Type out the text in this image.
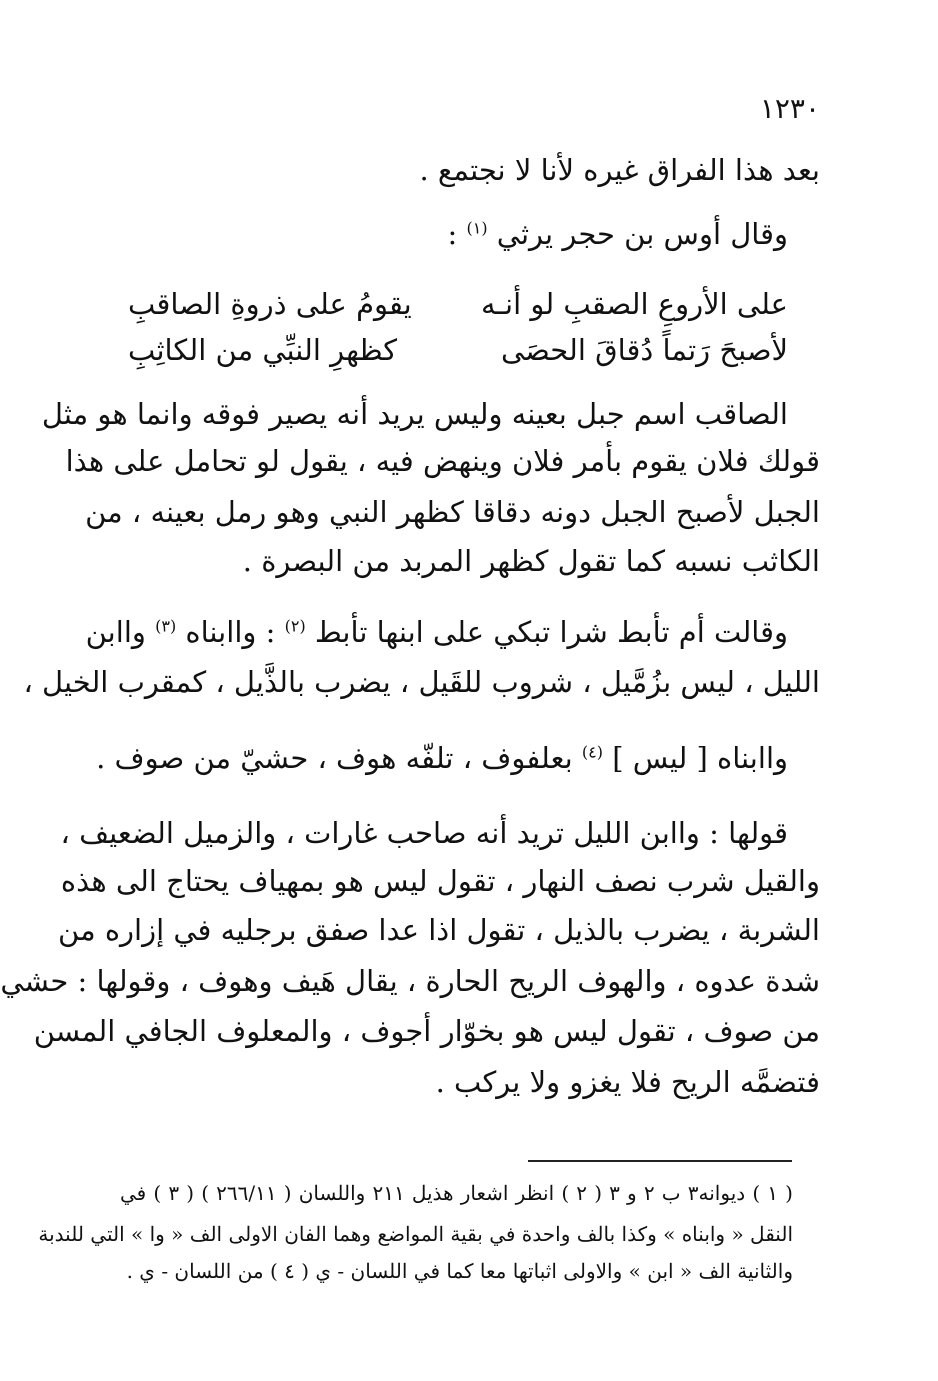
١٢٣٠
بعد هذا الفراق غيره لأنا لا نجتمع .
وقال أوس بن حجر يرثي $^{(١)}$ :
على الأروعِ الصقبِ لو أنـه
يقومُ على ذروةِ الصاقبِ
لأصبحَ رَتماً دُقاقَ الحصَى
كظهرِ النبِّي من الكاثِبِ
الصاقب اسم جبل بعينه وليس يريد أنه يصير فوقه وانما هو مثل
قولك فلان يقوم بأمر فلان وينهض فيه ، يقول لو تحامل على هذا
الجبل لأصبح الجبل دونه دقاقا كظهر النبي وهو رمل بعينه ، من
الكاثب نسبه كما تقول كظهر المربد من البصرة .
وقالت أم تأبط شرا تبكي على ابنها تأبط $^{(٢)}$ : واابناه $^{(٣)}$ واابن
الليل ، ليس بزُمَّيل ، شروب للقَيل ، يضرب بالذَّيل ، كمقرب الخيل ،
واابناه [ ليس ] $^{(٤)}$ بعلفوف ، تلفّه هوف ، حشيّ من صوف .
قولها : واابن الليل تريد أنه صاحب غارات ، والزميل الضعيف ،
والقيل شرب نصف النهار ، تقول ليس هو بمهياف يحتاج الى هذه
الشربة ، يضرب بالذيل ، تقول اذا عدا صفق برجليه في إزاره من
شدة عدوه ، والهوف الريح الحارة ، يقال هَيف وهوف ، وقولها : حشي
من صوف ، تقول ليس هو بخوّار أجوف ، والمعلوف الجافي المسن
فتضمَّه الريح فلا يغزو ولا يركب .
( ١ ) ديوانه٣ ب ٢ و ٣ ( ٢ ) انظر اشعار هذيل ٢١١ واللسان ( ٢٦٦/١١ ) ( ٣ ) في
النقل « وابناه » وكذا بالف واحدة في بقية المواضع وهما الفان الاولى الف « وا » التي للندبة
والثانية الف « ابن » والاولى اثباتها معا كما في اللسان - ي ( ٤ ) من اللسان - ي .
